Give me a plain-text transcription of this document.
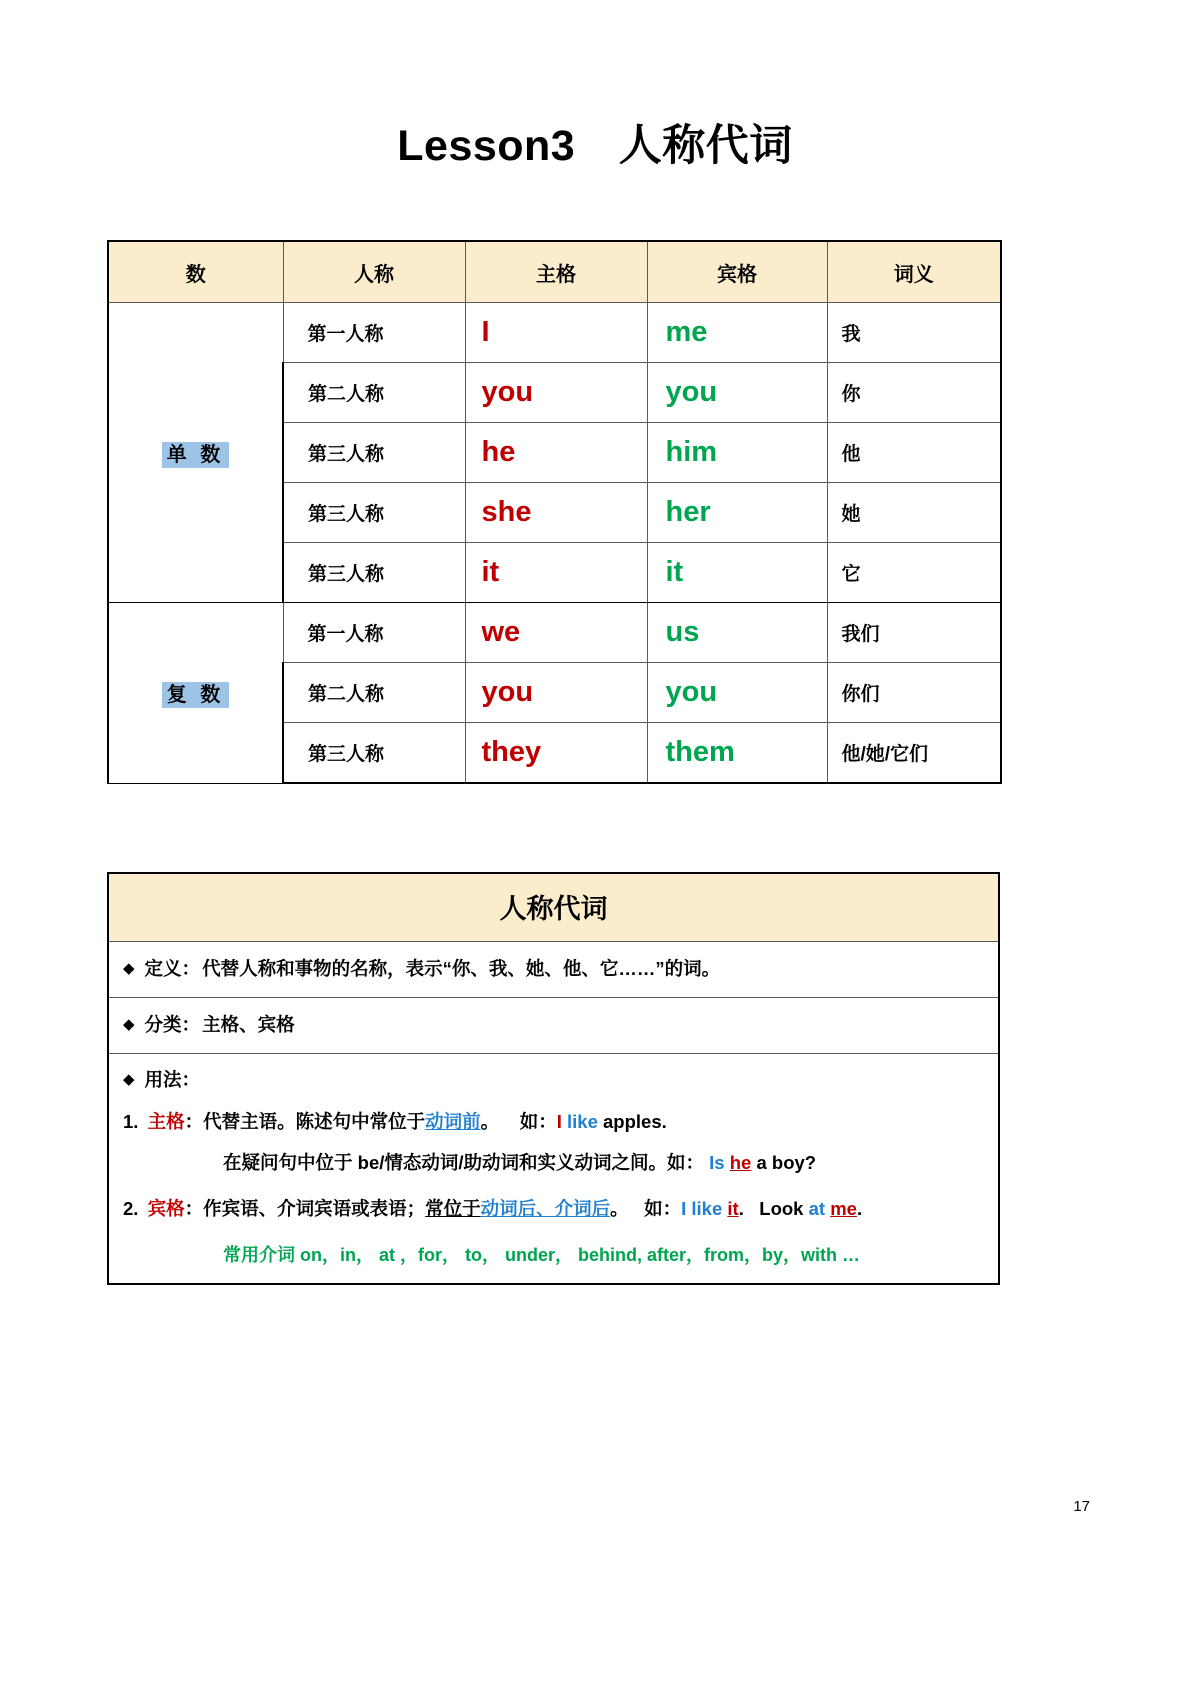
Lesson3　人称代词
数	人称	主格	宾格	词义
单 数	第一人称	I	me	我
	第二人称	you	you	你
	第三人称	he	him	他
	第三人称	she	her	她
	第三人称	it	it	它
复 数	第一人称	we	us	我们
	第二人称	you	you	你们
	第三人称	they	them	他/她/它们
人称代词
◆ 定义： 代替人称和事物的名称，表示“你、我、她、他、它……”的词。
◆ 分类： 主格、宾格
◆ 用法：
1. 主格：代替主语。陈述句中常位于动词前。 如：I like apples.
在疑问句中位于 be/情态动词/助动词和实义动词之间。如： Is he a boy?
2. 宾格：作宾语、介词宾语或表语；常位于动词后、介词后。 如：I like it. Look at me.
常用介词 on，in， at ，for， to， under， behind, after，from，by，with …
17
